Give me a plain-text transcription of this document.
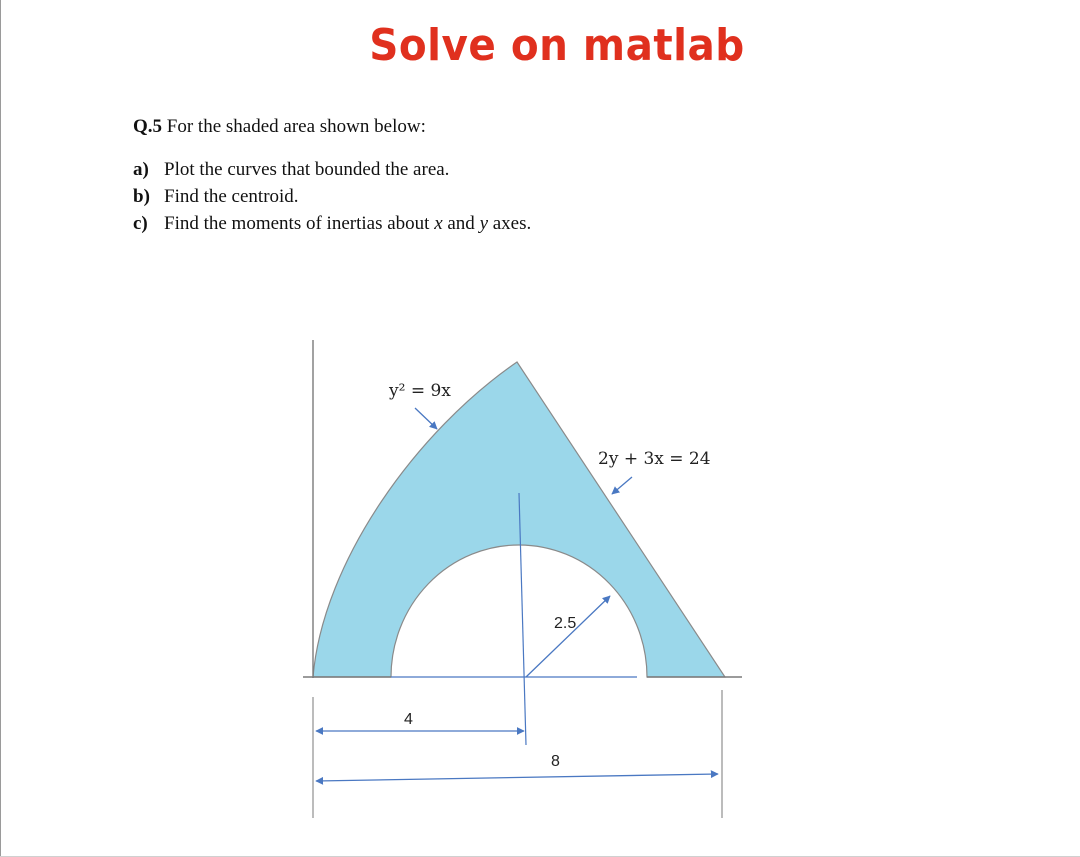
Solve on matlab
Q.5 For the shaded area shown below:
a) Plot the curves that bounded the area.
b) Find the centroid.
c) Find the moments of inertias about x and y axes.
y² = 9x
2y + 3x = 24
2.5
4
8
